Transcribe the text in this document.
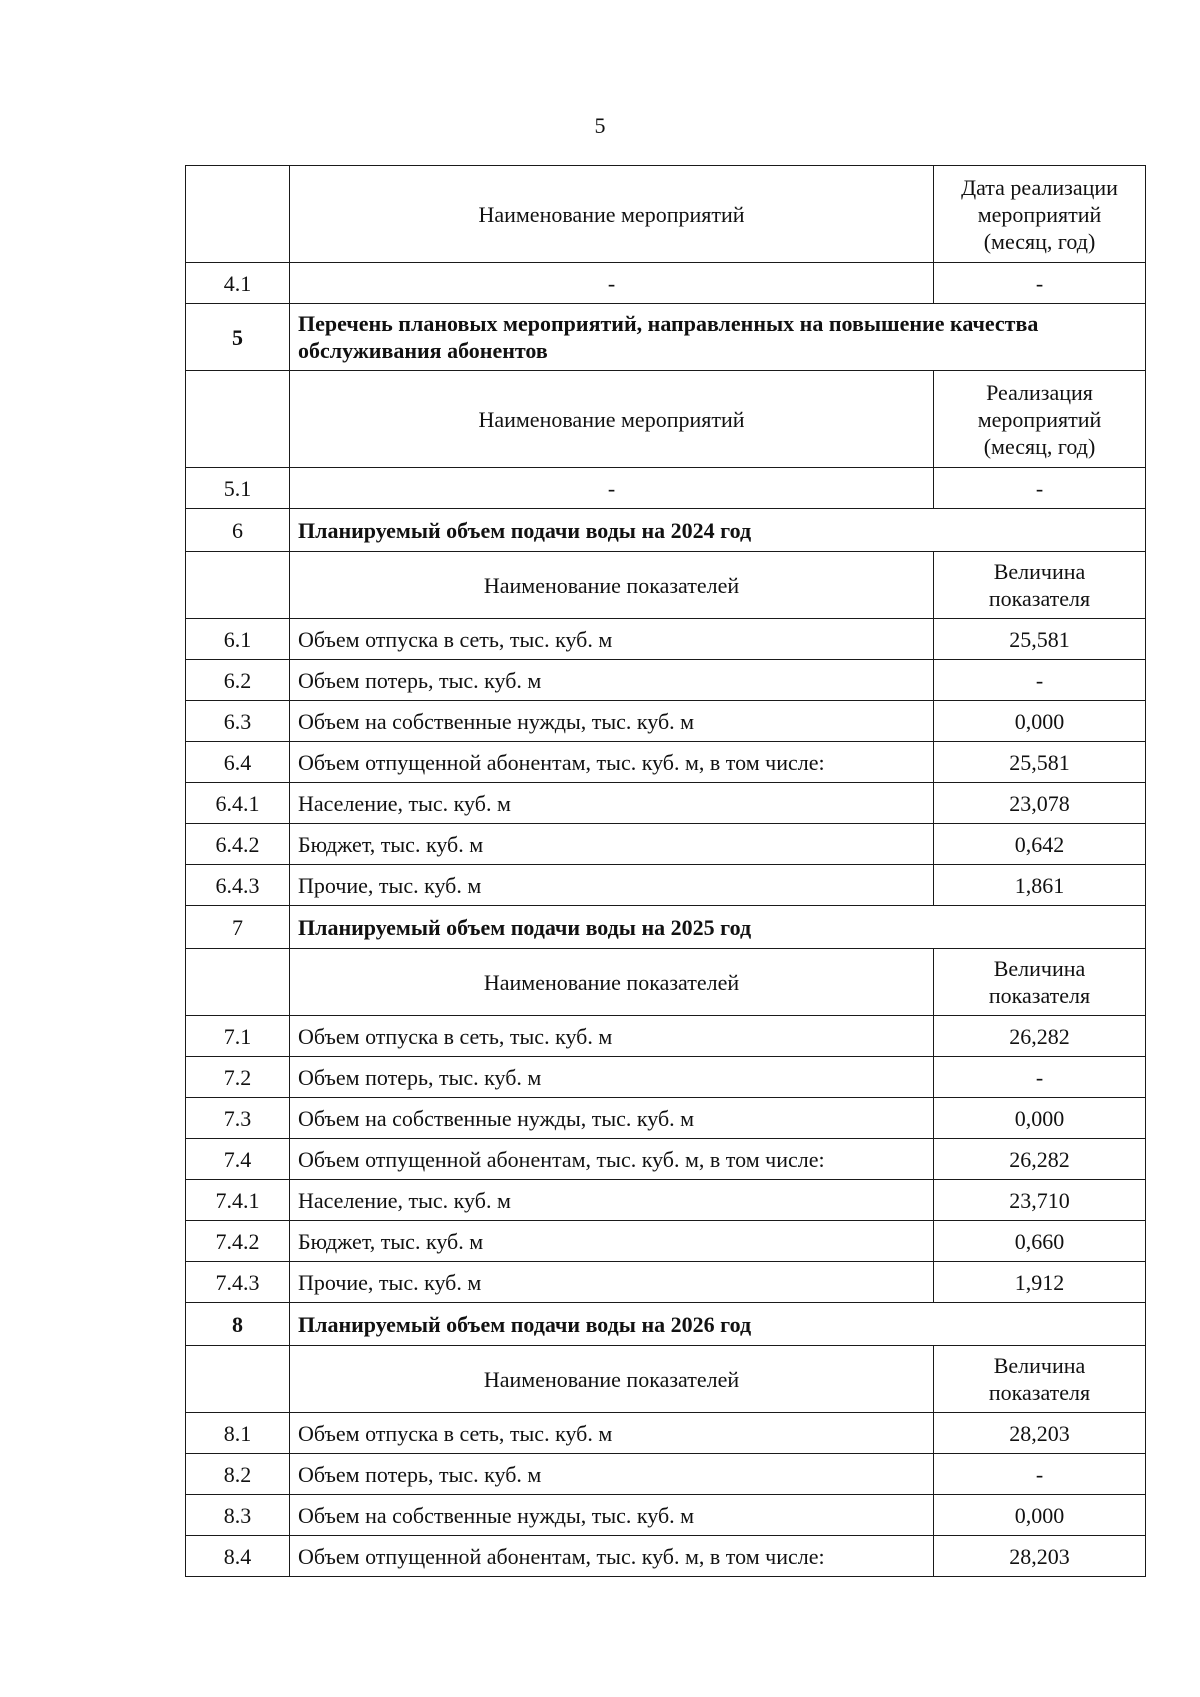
5
	Наименование мероприятий	Дата реализации мероприятий (месяц, год)
4.1	-	-
5	Перечень плановых мероприятий, направленных на повышение качества обслуживания абонентов	
	Наименование мероприятий	Реализация мероприятий (месяц, год)
5.1	-	-
6	Планируемый объем подачи воды на 2024 год	
	Наименование показателей	Величина показателя
6.1	Объем отпуска в сеть, тыс. куб. м	25,581
6.2	Объем потерь, тыс. куб. м	-
6.3	Объем на собственные нужды, тыс. куб. м	0,000
6.4	Объем отпущенной абонентам, тыс. куб. м, в том числе:	25,581
6.4.1	Население, тыс. куб. м	23,078
6.4.2	Бюджет, тыс. куб. м	0,642
6.4.3	Прочие, тыс. куб. м	1,861
7	Планируемый объем подачи воды на 2025 год	
	Наименование показателей	Величина показателя
7.1	Объем отпуска в сеть, тыс. куб. м	26,282
7.2	Объем потерь, тыс. куб. м	-
7.3	Объем на собственные нужды, тыс. куб. м	0,000
7.4	Объем отпущенной абонентам, тыс. куб. м, в том числе:	26,282
7.4.1	Население, тыс. куб. м	23,710
7.4.2	Бюджет, тыс. куб. м	0,660
7.4.3	Прочие, тыс. куб. м	1,912
8	Планируемый объем подачи воды на 2026 год	
	Наименование показателей	Величина показателя
8.1	Объем отпуска в сеть, тыс. куб. м	28,203
8.2	Объем потерь, тыс. куб. м	-
8.3	Объем на собственные нужды, тыс. куб. м	0,000
8.4	Объем отпущенной абонентам, тыс. куб. м, в том числе:	28,203
